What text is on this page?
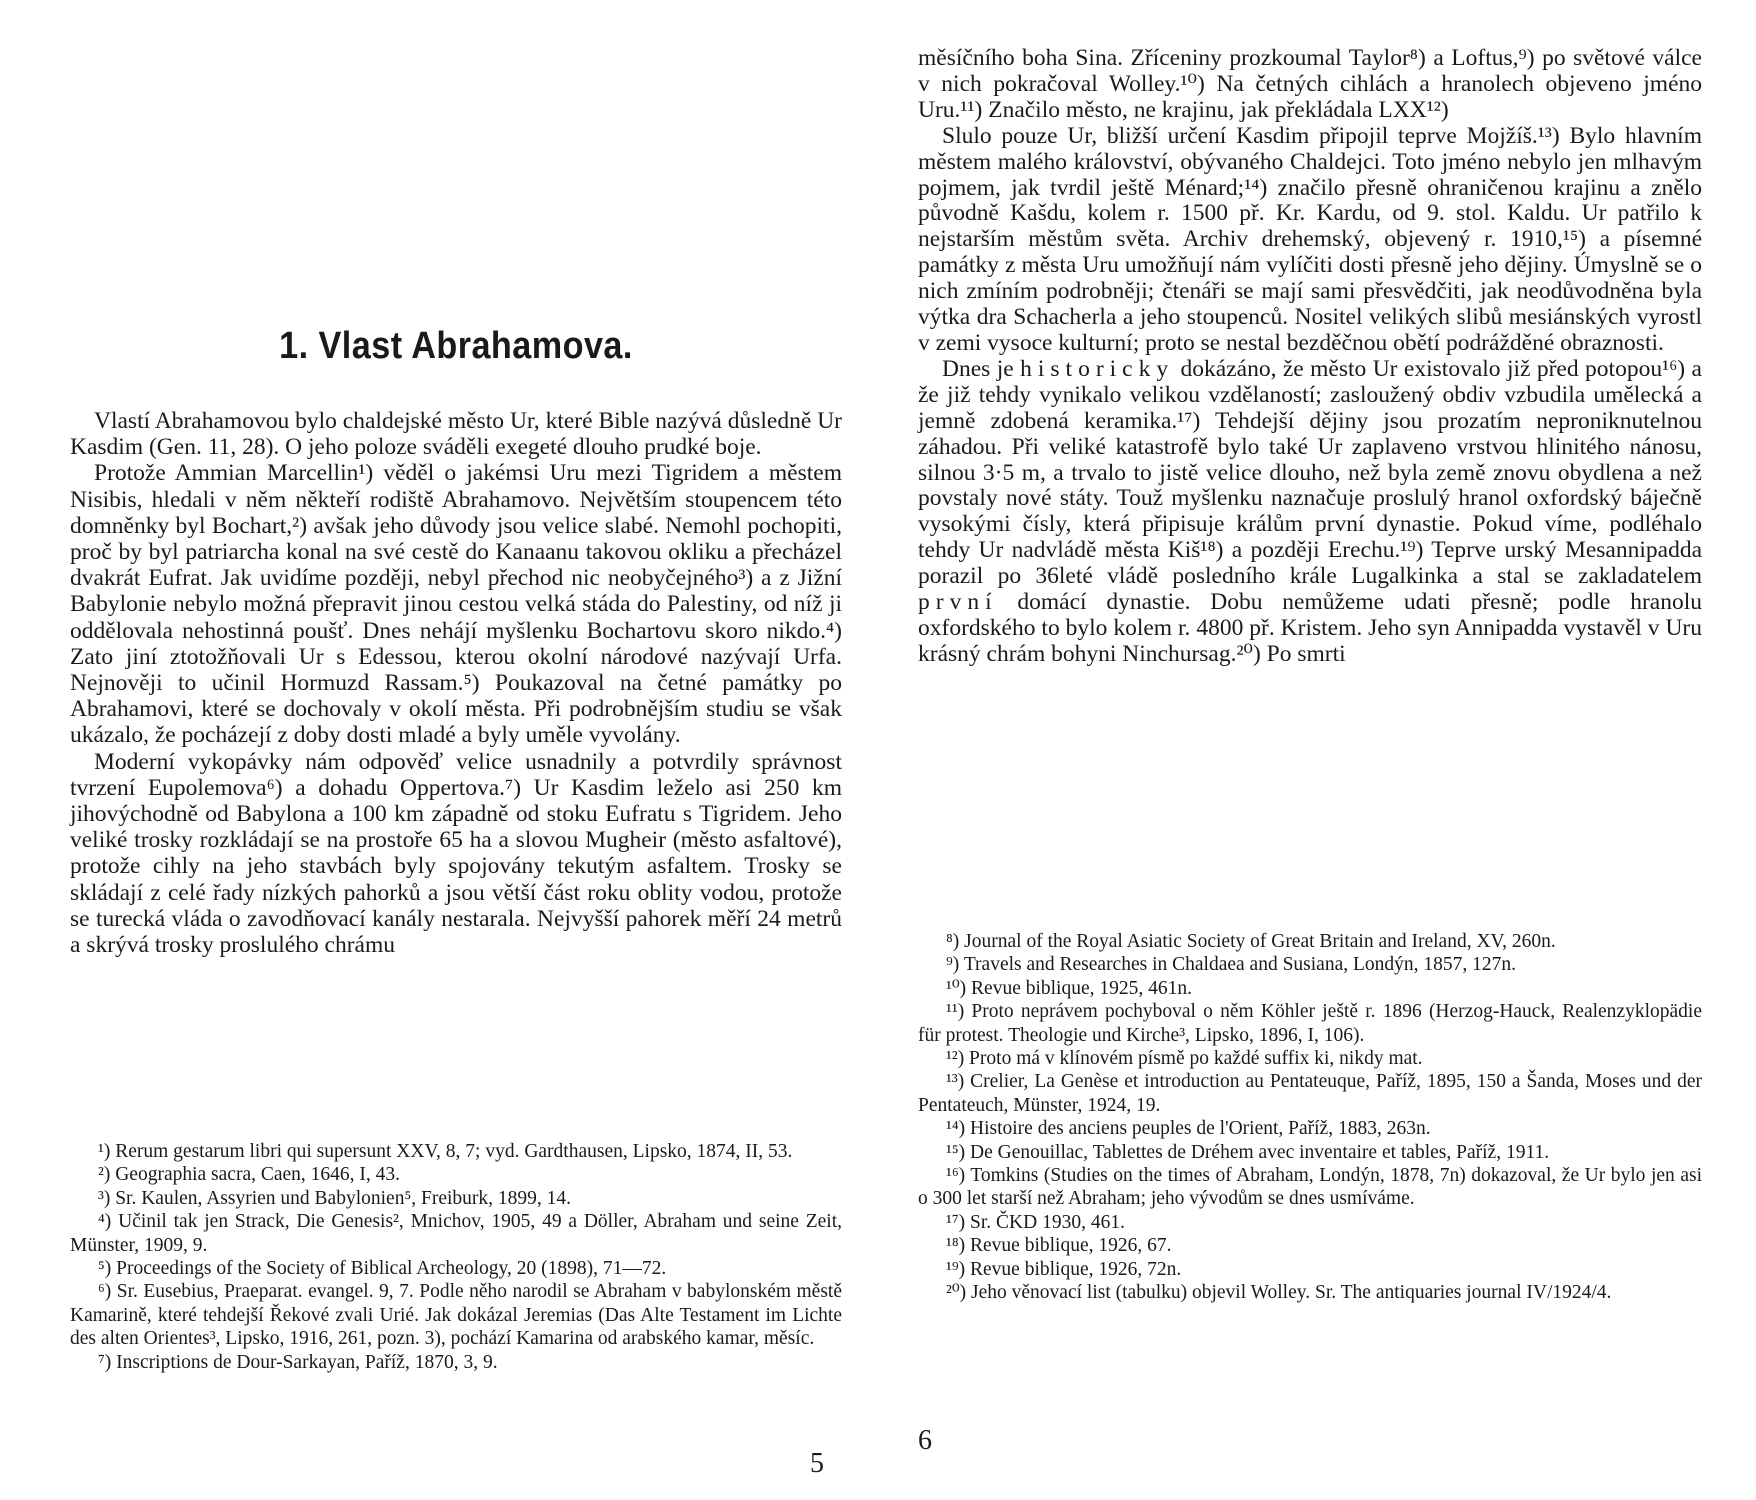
1. Vlast Abrahamova.

Vlastí Abrahamovou bylo chaldejské město Ur, které Bible nazývá důsledně Ur Kasdim (Gen. 11, 28). O jeho poloze sváděli exegeté dlouho prudké boje.

Protože Ammian Marcellin¹) věděl o jakémsi Uru mezi Tigridem a městem Nisibis, hledali v něm někteří rodiště Abrahamovo. Největším stoupencem této domněnky byl Bochart,²) avšak jeho důvody jsou velice slabé. Nemohl pochopiti, proč by byl patriarcha konal na své cestě do Kanaanu takovou okliku a přecházel dvakrát Eufrat. Jak uvidíme později, nebyl přechod nic neobyčejného³) a z Jižní Babylonie nebylo možná přepravit jinou cestou velká stáda do Palestiny, od níž ji oddělovala nehostinná poušť. Dnes nehájí myšlenku Bochartovu skoro nikdo.⁴) Zato jiní ztotožňovali Ur s Edessou, kterou okolní národové nazývají Urfa. Nejnověji to učinil Hormuzd Rassam.⁵) Poukazoval na četné památky po Abrahamovi, které se dochovaly v okolí města. Při podrobnějším studiu se však ukázalo, že pocházejí z doby dosti mladé a byly uměle vyvolány.

Moderní vykopávky nám odpověď velice usnadnily a potvrdily správnost tvrzení Eupolemova⁶) a dohadu Oppertova.⁷) Ur Kasdim leželo asi 250 km jihovýchodně od Babylona a 100 km západně od stoku Eufratu s Tigridem. Jeho veliké trosky rozkládají se na prostoře 65 ha a slovou Mugheir (město asfaltové), protože cihly na jeho stavbách byly spojovány tekutým asfaltem. Trosky se skládají z celé řady nízkých pahorků a jsou větší část roku oblity vodou, protože se turecká vláda o zavodňovací kanály nestarala. Nejvyšší pahorek měří 24 metrů a skrývá trosky proslulého chrámu

¹) Rerum gestarum libri qui supersunt XXV, 8, 7; vyd. Gardthausen, Lipsko, 1874, II, 53.

²) Geographia sacra, Caen, 1646, I, 43.

³) Sr. Kaulen, Assyrien und Babylonien⁵, Freiburk, 1899, 14.

⁴) Učinil tak jen Strack, Die Genesis², Mnichov, 1905, 49 a Döller, Abraham und seine Zeit, Münster, 1909, 9.

⁵) Proceedings of the Society of Biblical Archeology, 20 (1898), 71—72.

⁶) Sr. Eusebius, Praeparat. evangel. 9, 7. Podle něho narodil se Abraham v babylonském městě Kamarině, které tehdejší Řekové zvali Urié. Jak dokázal Jeremias (Das Alte Testament im Lichte des alten Orientes³, Lipsko, 1916, 261, pozn. 3), pochází Kamarina od arabského kamar, měsíc.

⁷) Inscriptions de Dour-Sarkayan, Paříž, 1870, 3, 9.

5

měsíčního boha Sina. Zříceniny prozkoumal Taylor⁸) a Loftus,⁹) po světové válce v nich pokračoval Wolley.¹⁰) Na četných cihlách a hranolech objeveno jméno Uru.¹¹) Značilo město, ne krajinu, jak překládala LXX¹²)

Slulo pouze Ur, bližší určení Kasdim připojil teprve Mojžíš.¹³) Bylo hlavním městem malého království, obývaného Chaldejci. Toto jméno nebylo jen mlhavým pojmem, jak tvrdil ještě Ménard;¹⁴) značilo přesně ohraničenou krajinu a znělo původně Kašdu, kolem r. 1500 př. Kr. Kardu, od 9. stol. Kaldu. Ur patřilo k nejstarším městům světa. Archiv drehemský, objevený r. 1910,¹⁵) a písemné památky z města Uru umožňují nám vylíčiti dosti přesně jeho dějiny. Úmyslně se o nich zmíním podrobněji; čtenáři se mají sami přesvědčiti, jak neodůvodněna byla výtka dra Schacherla a jeho stoupenců. Nositel velikých slibů mesiánských vyrostl v zemi vysoce kulturní; proto se nestal bezděčnou obětí podrážděné obraznosti.

Dnes je historicky dokázáno, že město Ur existovalo již před potopou¹⁶) a že již tehdy vynikalo velikou vzdělaností; zasloužený obdiv vzbudila umělecká a jemně zdobená keramika.¹⁷) Tehdejší dějiny jsou prozatím neproniknutelnou záhadou. Při veliké katastrofě bylo také Ur zaplaveno vrstvou hlinitého nánosu, silnou 3·5 m, a trvalo to jistě velice dlouho, než byla země znovu obydlena a než povstaly nové státy. Touž myšlenku naznačuje proslulý hranol oxfordský báječně vysokými čísly, která připisuje králům první dynastie. Pokud víme, podléhalo tehdy Ur nadvládě města Kiš¹⁸) a později Erechu.¹⁹) Teprve urský Mesannipadda porazil po 36leté vládě posledního krále Lugalkinka a stal se zakladatelem první domácí dynastie. Dobu nemůžeme udati přesně; podle hranolu oxfordského to bylo kolem r. 4800 př. Kristem. Jeho syn Annipadda vystavěl v Uru krásný chrám bohyni Ninchursag.²⁰) Po smrti

⁸) Journal of the Royal Asiatic Society of Great Britain and Ireland, XV, 260n.

⁹) Travels and Researches in Chaldaea and Susiana, Londýn, 1857, 127n.

¹⁰) Revue biblique, 1925, 461n.

¹¹) Proto neprávem pochyboval o něm Köhler ještě r. 1896 (Herzog-Hauck, Realenzyklopädie für protest. Theologie und Kirche³, Lipsko, 1896, I, 106).

¹²) Proto má v klínovém písmě po každé suffix ki, nikdy mat.

¹³) Crelier, La Genèse et introduction au Pentateuque, Paříž, 1895, 150 a Šanda, Moses und der Pentateuch, Münster, 1924, 19.

¹⁴) Histoire des anciens peuples de l'Orient, Paříž, 1883, 263n.

¹⁵) De Genouillac, Tablettes de Dréhem avec inventaire et tables, Paříž, 1911.

¹⁶) Tomkins (Studies on the times of Abraham, Londýn, 1878, 7n) dokazoval, že Ur bylo jen asi o 300 let starší než Abraham; jeho vývodům se dnes usmíváme.

¹⁷) Sr. ČKD 1930, 461.

¹⁸) Revue biblique, 1926, 67.

¹⁹) Revue biblique, 1926, 72n.

²⁰) Jeho věnovací list (tabulku) objevil Wolley. Sr. The antiquaries journal IV/1924/4.

6
